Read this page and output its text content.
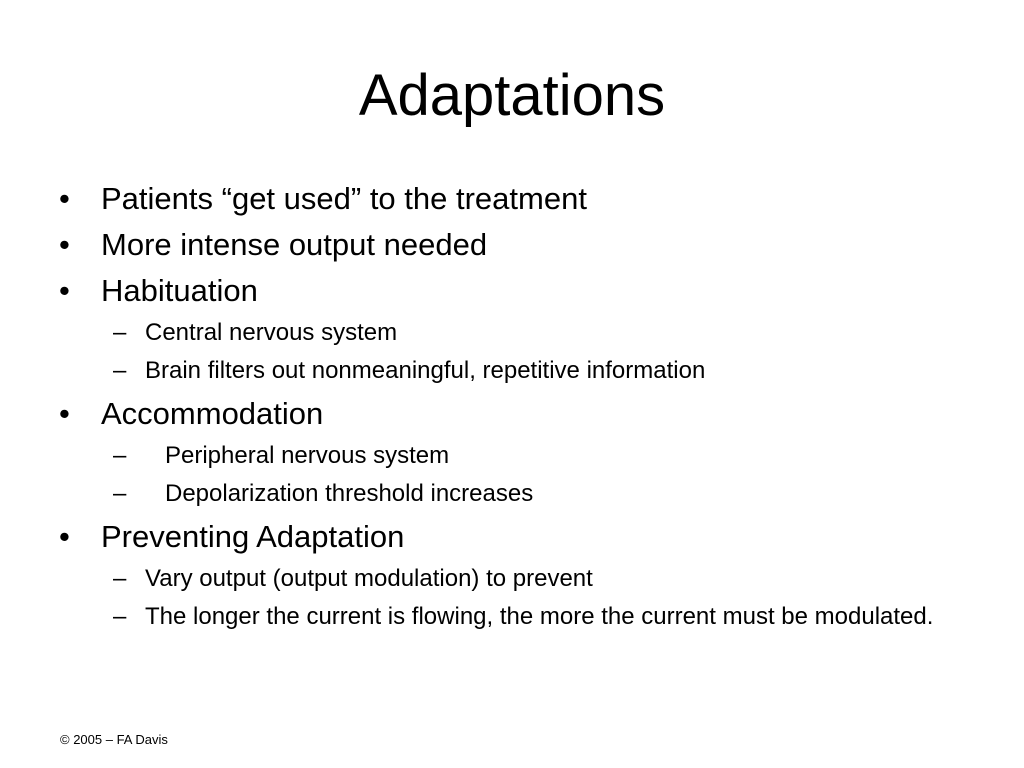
Adaptations
• Patients “get used” to the treatment
• More intense output needed
• Habituation
– Central nervous system
– Brain filters out nonmeaningful, repetitive information
• Accommodation
– Peripheral nervous system
– Depolarization threshold increases
• Preventing Adaptation
– Vary output (output modulation) to prevent
– The longer the current is flowing, the more the current must be modulated.
© 2005 – FA Davis
